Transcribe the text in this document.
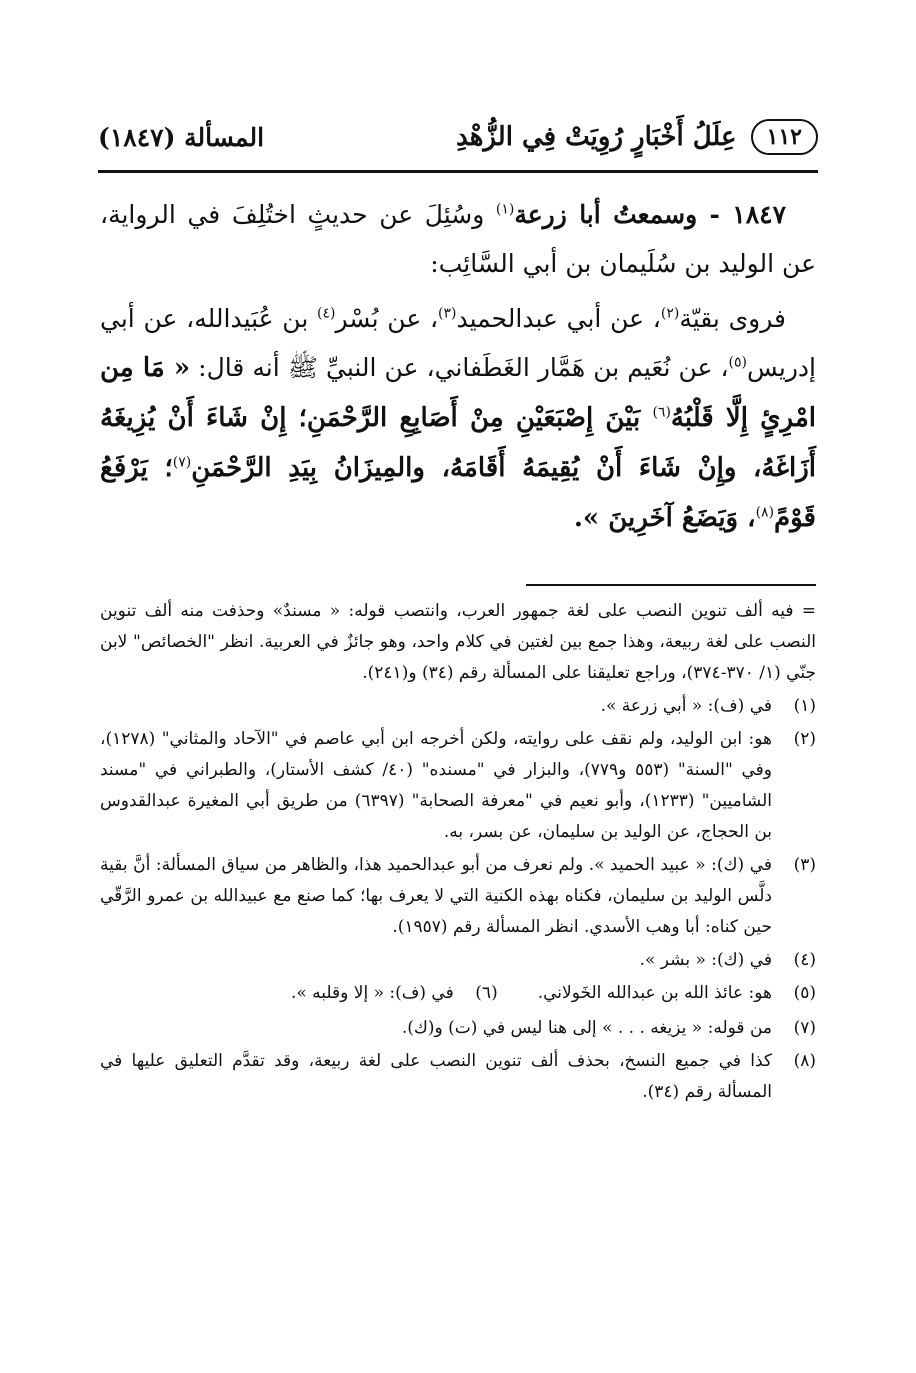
١١٢
عِلَلُ أَخْبَارٍ رُوِيَتْ فِي الزُّهْدِ
المسألة (١٨٤٧)

١٨٤٧ - وسمعتُ أبا زرعة$^{(١)}$ وسُئِلَ عن حديثٍ اختُلِفَ في الرواية، عن الوليد بن سُلَيمان بن أبي السَّائِب:

فروى بقيّة$^{(٢)}$، عن أبي عبدالحميد$^{(٣)}$، عن بُسْر$^{(٤)}$ بن عُبَيدالله، عن أبي إدريس$^{(٥)}$، عن نُعَيم بن هَمَّار الغَطَفاني، عن النبيِّ ﷺ أنه قال: « مَا مِن امْرِئٍ إِلَّا قَلْبُهُ$^{(٦)}$ بَيْنَ إِصْبَعَيْنِ مِنْ أَصَابِعِ الرَّحْمَنِ؛ إِنْ شَاءَ أَنْ يُزِيغَهُ أَزَاغَهُ، وإِنْ شَاءَ أَنْ يُقِيمَهُ أَقَامَهُ، والمِيزَانُ بِيَدِ الرَّحْمَنِ$^{(٧)}$؛ يَرْفَعُ قَوْمً$^{(٨)}$، وَيَضَعُ آخَرِينَ ».

= فيه ألف تنوين النصب على لغة جمهور العرب، وانتصب قوله: « مسندٌ» وحذفت منه ألف تنوين النصب على لغة ربيعة، وهذا جمع بين لغتين في كلام واحد، وهو جائزٌ في العربية. انظر "الخصائص" لابن جنّي (١/ ٣٧٠-٣٧٤)، وراجع تعليقنا على المسألة رقم (٣٤) و(٢٤١).
(١)
في (ف): « أبي زرعة ».
(٢)
هو: ابن الوليد، ولم نقف على روايته، ولكن أخرجه ابن أبي عاصم في "الآحاد والمثاني" (١٢٧٨)، وفي "السنة" (٥٥٣ و٧٧٩)، والبزار في "مسنده" (٤٠/ كشف الأستار)، والطبراني في "مسند الشاميين" (١٢٣٣)، وأبو نعيم في "معرفة الصحابة" (٦٣٩٧) من طريق أبي المغيرة عبدالقدوس بن الحجاج، عن الوليد بن سليمان، عن بسر، به.
(٣)
في (ك): « عبيد الحميد ». ولم نعرف من أبو عبدالحميد هذا، والظاهر من سياق المسألة: أنَّ بقية دلَّس الوليد بن سليمان، فكناه بهذه الكنية التي لا يعرف بها؛ كما صنع مع عبيدالله بن عمرو الرَّقّي حين كناه: أبا وهب الأسدي. انظر المسألة رقم (١٩٥٧).
(٤)
في (ك): « بشر ».
(٥)
هو: عائذ الله بن عبدالله الخَولاني.
(٦)
في (ف): « إلا وقلبه ».
(٧)
من قوله: « يزيغه . . . » إلى هنا ليس في (ت) و(ك).
(٨)
كذا في جميع النسخ، بحذف ألف تنوين النصب على لغة ربيعة، وقد تقدَّم التعليق عليها في المسألة رقم (٣٤).
